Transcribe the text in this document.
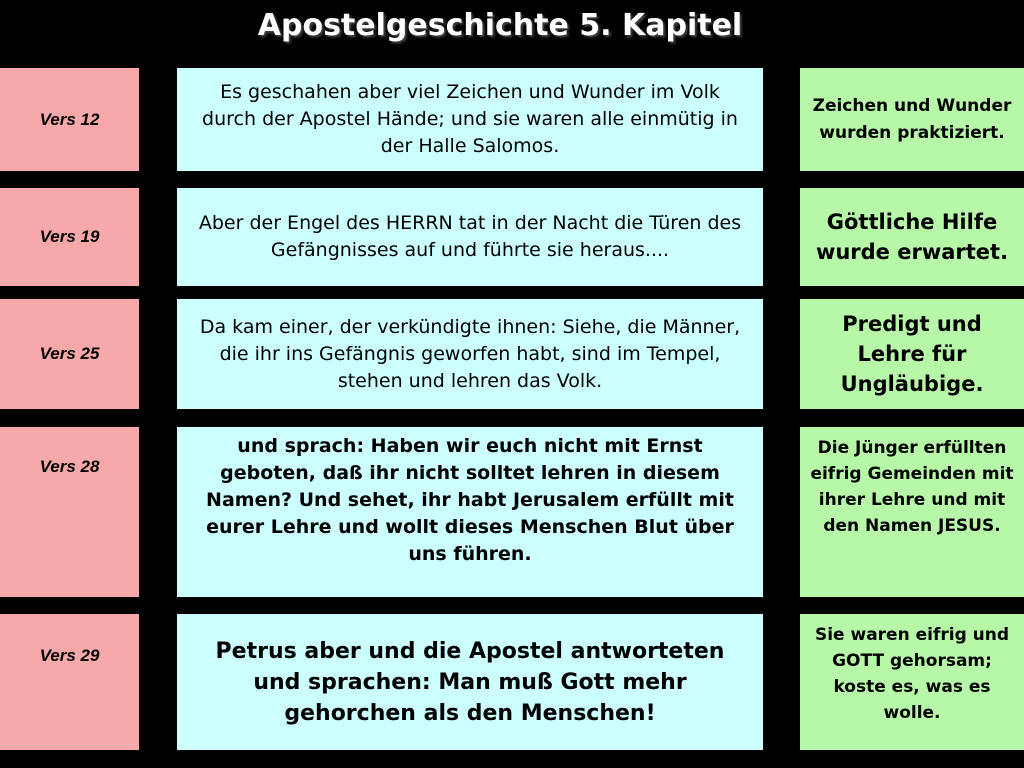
Apostelgeschichte 5. Kapitel
Vers 12
Es geschahen aber viel Zeichen und Wunder im Volk durch der Apostel Hände; und sie waren alle einmütig in der Halle Salomos.
Zeichen und Wunder wurden praktiziert.
Vers 19
Aber der Engel des HERRN tat in der Nacht die Türen des Gefängnisses auf und führte sie heraus....
Göttliche Hilfe wurde erwartet.
Vers 25
Da kam einer, der verkündigte ihnen: Siehe, die Männer, die ihr ins Gefängnis geworfen habt, sind im Tempel, stehen und lehren das Volk.
Predigt und Lehre für Ungläubige.
Vers 28
und sprach: Haben wir euch nicht mit Ernst geboten, daß ihr nicht solltet lehren in diesem Namen? Und sehet, ihr habt Jerusalem erfüllt mit eurer Lehre und wollt dieses Menschen Blut über uns führen.
Die Jünger erfüllten eifrig Gemeinden mit ihrer Lehre und mit den Namen JESUS.
Vers 29	Petrus aber und die Apostel antworteten und sprachen: Man muß Gott mehr gehorchen als den Menschen!
Sie waren eifrig und GOTT gehorsam; koste es, was es wolle.
